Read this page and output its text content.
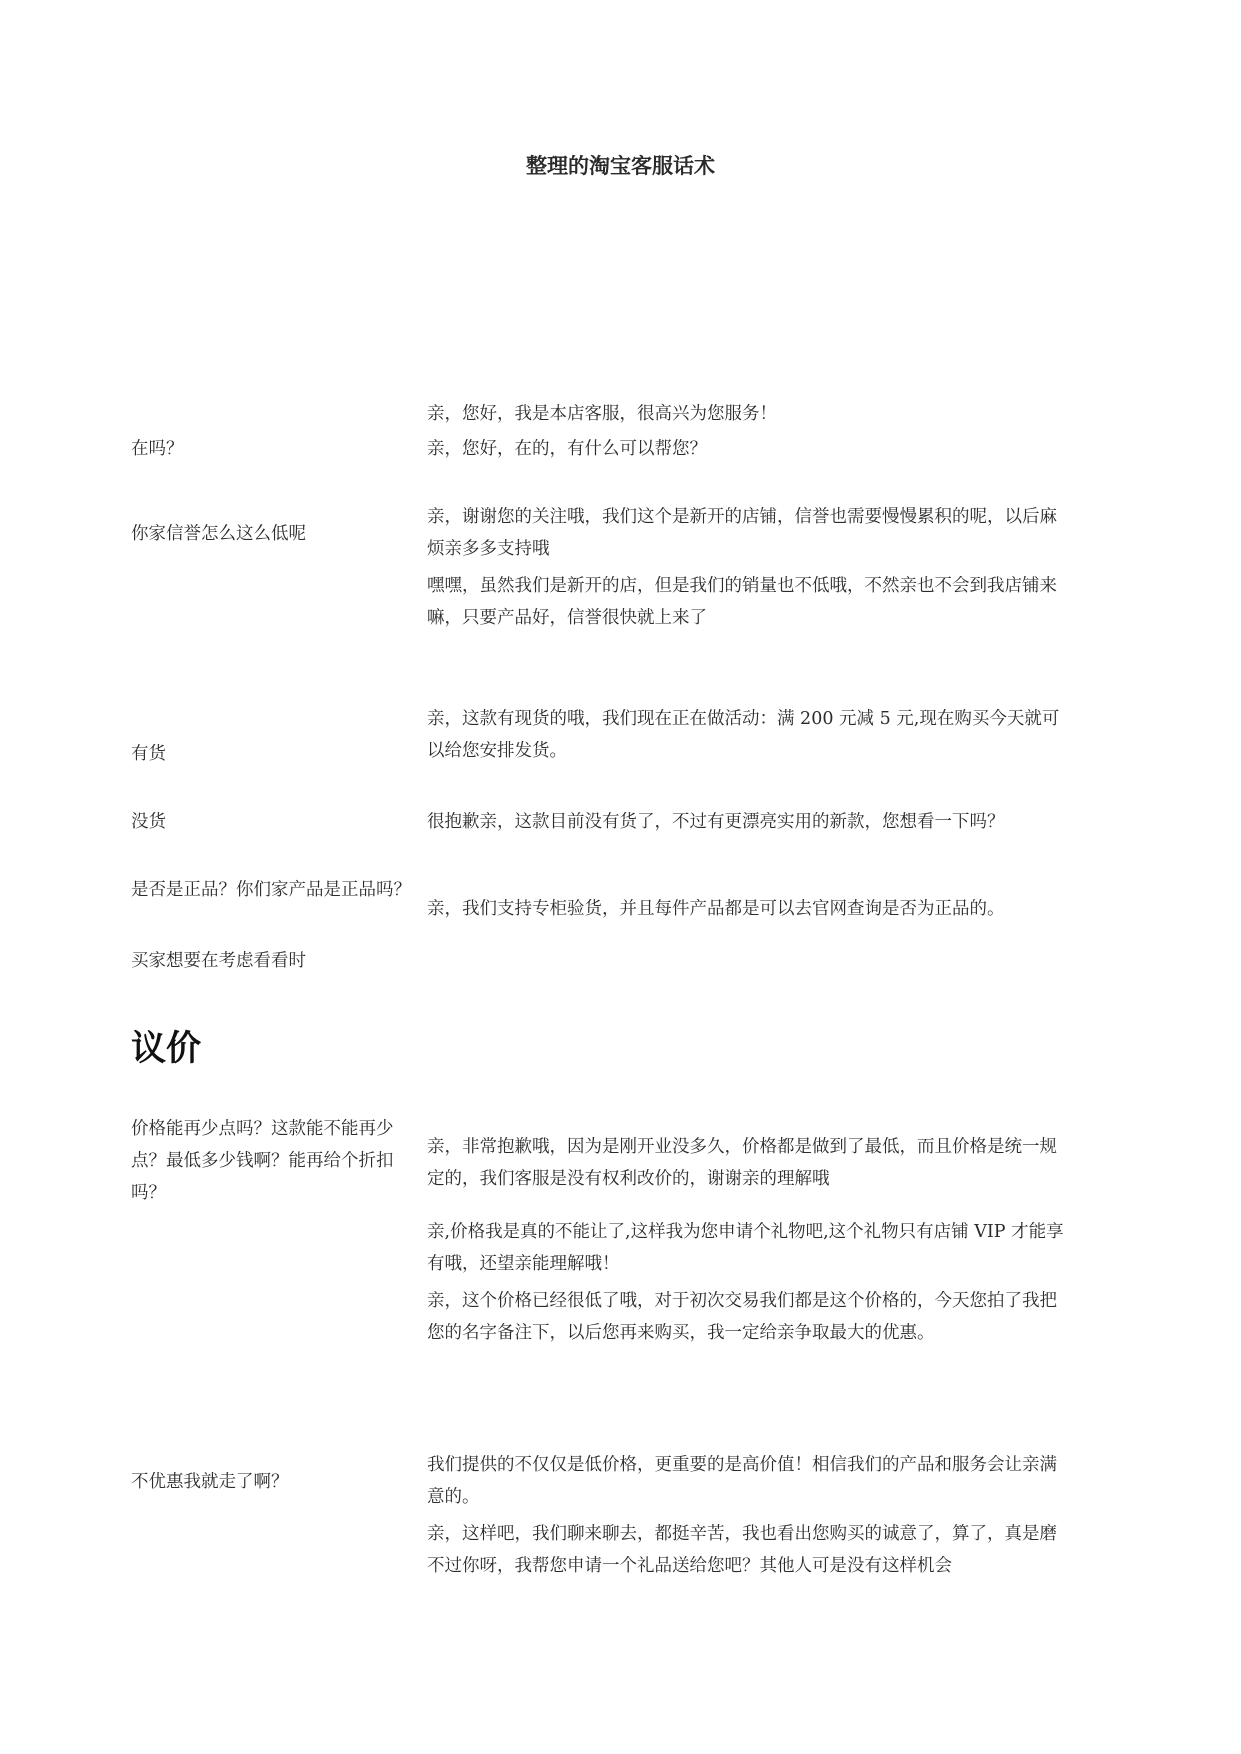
整理的淘宝客服话术

亲，您好，我是本店客服，很高兴为您服务！

在吗？	亲，您好，在的，有什么可以帮您？

你家信誉怎么这么低呢

亲，谢谢您的关注哦，我们这个是新开的店铺，信誉也需要慢慢累积的呢，以后麻烦亲多多支持哦

嘿嘿，虽然我们是新开的店，但是我们的销量也不低哦，不然亲也不会到我店铺来嘛，只要产品好，信誉很快就上来了

亲，这款有现货的哦，我们现在正在做活动：满 200 元减 5 元,现在购买今天就可以给您安排发货。

有货

没货	很抱歉亲，这款目前没有货了，不过有更漂亮实用的新款，您想看一下吗？

是否是正品？你们家产品是正品吗？

亲，我们支持专柜验货，并且每件产品都是可以去官网查询是否为正品的。

买家想要在考虑看看时

议价

价格能再少点吗？这款能不能再少点？最低多少钱啊？能再给个折扣吗？

亲，非常抱歉哦，因为是刚开业没多久，价格都是做到了最低，而且价格是统一规定的，我们客服是没有权利改价的，谢谢亲的理解哦

亲,价格我是真的不能让了,这样我为您申请个礼物吧,这个礼物只有店铺 VIP 才能享有哦，还望亲能理解哦！

亲，这个价格已经很低了哦，对于初次交易我们都是这个价格的，今天您拍了我把您的名字备注下，以后您再来购买，我一定给亲争取最大的优惠。

不优惠我就走了啊？

我们提供的不仅仅是低价格，更重要的是高价值！相信我们的产品和服务会让亲满意的。

亲，这样吧，我们聊来聊去，都挺辛苦，我也看出您购买的诚意了，算了，真是磨不过你呀，我帮您申请一个礼品送给您吧？其他人可是没有这样机会
